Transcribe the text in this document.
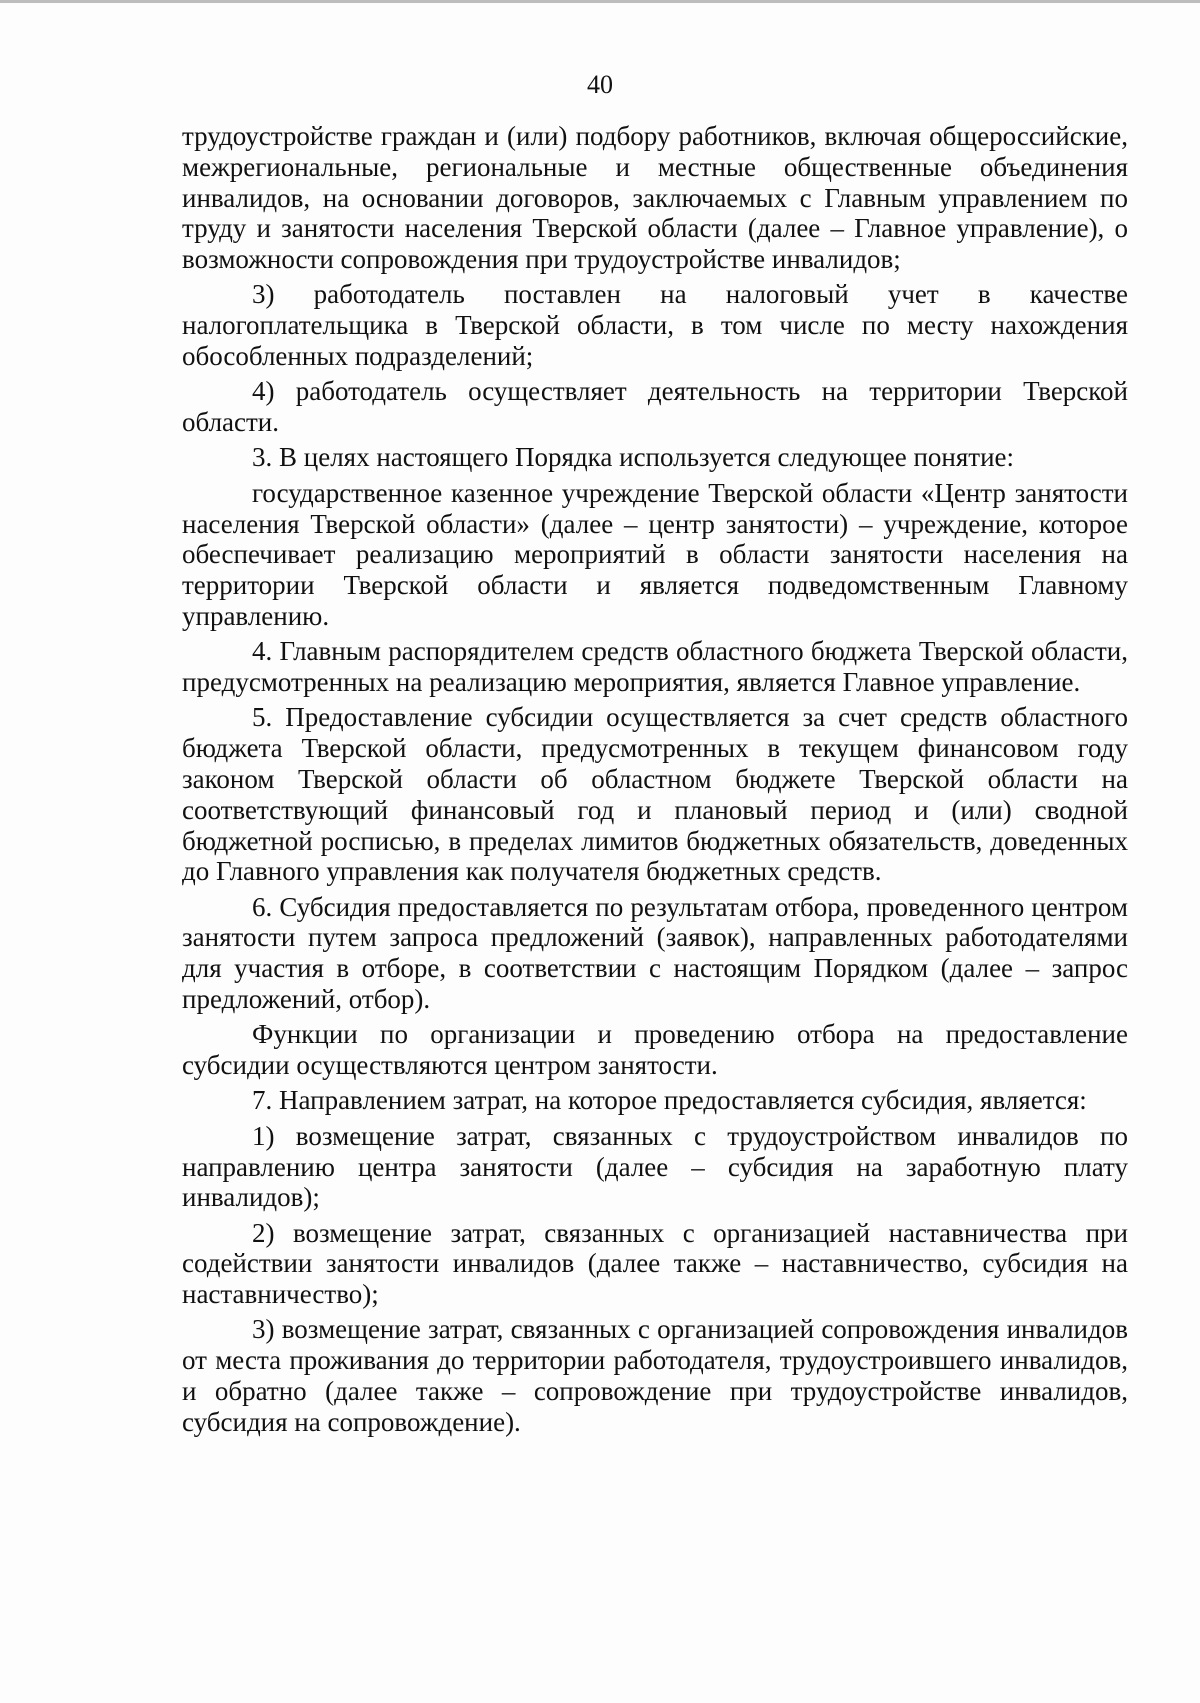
40

трудоустройстве граждан и (или) подбору работников, включая общероссийские, межрегиональные, региональные и местные общественные объединения инвалидов, на основании договоров, заключаемых с Главным управлением по труду и занятости населения Тверской области (далее – Главное управление), о возможности сопровождения при трудоустройстве инвалидов;

3) работодатель поставлен на налоговый учет в качестве налогоплательщика в Тверской области, в том числе по месту нахождения обособленных подразделений;

4) работодатель осуществляет деятельность на территории Тверской области.

3. В целях настоящего Порядка используется следующее понятие:

государственное казенное учреждение Тверской области «Центр занятости населения Тверской области» (далее – центр занятости) – учреждение, которое обеспечивает реализацию мероприятий в области занятости населения на территории Тверской области и является подведомственным Главному управлению.

4. Главным распорядителем средств областного бюджета Тверской области, предусмотренных на реализацию мероприятия, является Главное управление.

5. Предоставление субсидии осуществляется за счет средств областного бюджета Тверской области, предусмотренных в текущем финансовом году законом Тверской области об областном бюджете Тверской области на соответствующий финансовый год и плановый период и (или) сводной бюджетной росписью, в пределах лимитов бюджетных обязательств, доведенных до Главного управления как получателя бюджетных средств.

6. Субсидия предоставляется по результатам отбора, проведенного центром занятости путем запроса предложений (заявок), направленных работодателями для участия в отборе, в соответствии с настоящим Порядком (далее – запрос предложений, отбор).

Функции по организации и проведению отбора на предоставление субсидии осуществляются центром занятости.

7. Направлением затрат, на которое предоставляется субсидия, является:

1) возмещение затрат, связанных с трудоустройством инвалидов по направлению центра занятости (далее – субсидия на заработную плату инвалидов);

2) возмещение затрат, связанных с организацией наставничества при содействии занятости инвалидов (далее также – наставничество, субсидия на наставничество);

3) возмещение затрат, связанных с организацией сопровождения инвалидов от места проживания до территории работодателя, трудоустроившего инвалидов, и обратно (далее также – сопровождение при трудоустройстве инвалидов, субсидия на сопровождение).
